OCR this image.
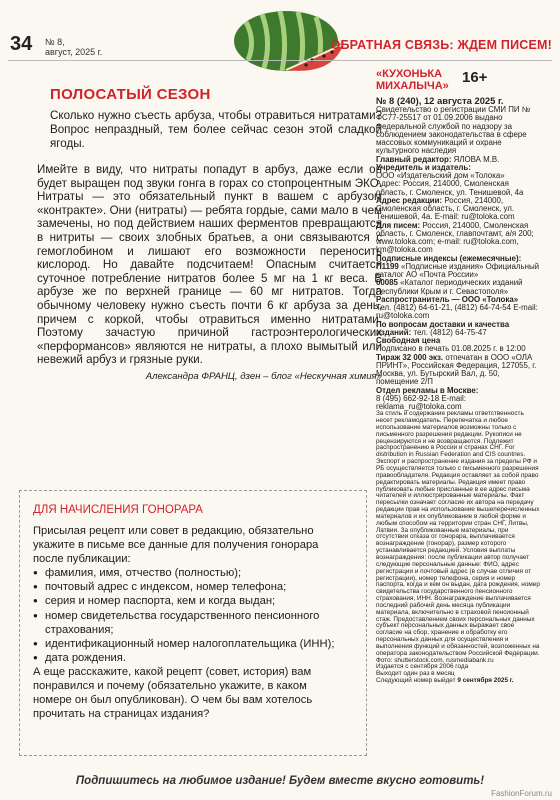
34 № 8,
август, 2025 г.	ОБРАТНАЯ СВЯЗЬ: ЖДЕМ ПИСЕМ!
ПОЛОСАТЫЙ СЕЗОН
Сколько нужно съесть арбуза, чтобы отравиться нитратами? Вопрос непраздный, тем более сейчас сезон этой сладкой ягоды.
Имейте в виду, что нитраты попадут в арбуз, даже если он будет выращен под звуки гонга в горах со стопроцентным ЭКО. Нитраты — это обязательный пункт в вашем с арбузом «контракте». Они (нитраты) — ребята гордые, сами мало в чем замечены, но под действием наших ферментов превращаются в нитриты — своих злобных братьев, а они связываются с гемоглобином и лишают его возможности переносить кислород. Но давайте подсчитаем! Опасным считается суточное потребление нитратов более 5 мг на 1 кг веса. В арбузе же по верхней границе — 60 мг нитратов. Тогда обычному человеку нужно съесть почти 6 кг арбуза за день, причем с коркой, чтобы отравиться именно нитратами. Поэтому зачастую причиной гастроэнтерологических «перформансов» являются не нитраты, а плохо вымытый или невежий арбуз и грязные руки.
Александра ФРАНЦ, дзен – блог «Нескучная химия»
ДЛЯ НАЧИСЛЕНИЯ ГОНОРАРА
Присылая рецепт или совет в редакцию, обязательно укажите в письме все данные для получения гонорара после публикации:
● фамилия, имя, отчество (полностью);
● почтовый адрес с индексом, номер телефона;
● серия и номер паспорта, кем и когда выдан;
● номер свидетельства государственного пенсионного страхования;
● идентификационный номер налогоплательщика (ИНН);
● дата рождения.
А еще расскажите, какой рецепт (совет, история) вам понравился и почему (обязательно укажите, в каком номере он был опубликован). О чем бы вам хотелось прочитать на страницах издания?
«КУХОНЬКА
МИХАЛЫЧА» 16+
№ 8 (240), 12 августа 2025 г.
Свидетельство о регистрации СМИ ПИ № ФС77-25517 от 01.09.2006 выдано Федеральной службой по надзору за соблюдением законодательства в сфере массовых коммуникаций и охране культурного наследия
Главный редактор: ЯЛОВА М.В.
Учредитель и издатель:
ООО «Издательский дом «Толока»
Адрес: Россия, 214000, Смоленская область, г. Смоленск, ул. Тенишевой, 4а
Адрес редакции: Россия, 214000, Смоленская область, г. Смоленск, ул. Тенишевой, 4а. E-mail: ru@toloka.com
Для писем: Россия, 214000, Смоленская область, г. Смоленск, главпочтамт, а/я 200; www.toloka.com; e-mail: ru@toloka.com, km@toloka.com
Подписные индексы (ежемесячные):
П1199 «Подписные издания» Официальный каталог АО «Почта России»
60085 «Каталог периодических изданий Республики Крым и г. Севастополя»
Распространитель — ООО «Толока»
Тел. (4812) 64-61-21, (4812) 64-74-54 E-mail: ru@toloka.com
По вопросам доставки и качества изданий: тел. (4812) 64-75-47
Свободная цена
Подписано в печать 01.08.2025 г. в 12:00
Тираж 32 000 экз. отпечатан в ООО «ОЛА ПРИНТ», Российская Федерация, 127055, г. Москва, ул. Бутырский Вал, д. 50, помещение 2/П
Отдел рекламы в Москве:
8 (495) 662-92-18 E-mail: reklama_ru@toloka.com
За стиль и содержание рекламы ответственность несет рекламодатель. Перепечатка и любое использование материалов возможны только с письменного разрешения редакции. Рукописи не рецензируются и не возвращаются. Подлежит распространению в России и странах СНГ. For distribution in Russian Federation and CIS countries. Экспорт и распространение издания за пределы РФ и РБ осуществляется только с письменного разрешения правообладателя. Редакция оставляет за собой право редактировать материалы. Редакция имеет право публиковать любые присланные в ее адрес письма читателей и иллюстрированные материалы. Факт пересылки означает согласие их автора на передачу редакции прав на использование вышеперечисленных материалов и их опубликование в любой форме и любым способом на территории стран СНГ, Литвы, Латвии. За опубликованные материалы, при отсутствии отказа от гонорара, выплачивается вознаграждение (гонорар), размер которого устанавливается редакцией. Условия выплаты вознаграждения: после публикации автор получает следующие персональные данные: ФИО, адрес регистрации и почтовый адрес (в случае отличия от регистрации), номер телефона, серия и номер паспорта, когда и кем он выдан, дата рождения, номер свидетельства государственного пенсионного страхования, ИНН. Вознаграждение выплачивается последний рабочий день месяца публикации материала, включительно в страховой пенсионный стаж. Предоставлением своих персональных данных субъект персональных данных выражает свое согласие на сбор, хранение и обработку его персональных данных для осуществления и выполнения функций и обязанностей, возложенных на оператора законодательством Российской Федерации.
Фото: shutterstock.com, rusmediabank.ru
Издается с сентября 2006 года
Выходит один раз в месяц
Следующий номер выйдет 9 сентября 2025 г.
Подпишитесь на любимое издание! Будем вместе вкусно готовить!
FashionForum.ru
